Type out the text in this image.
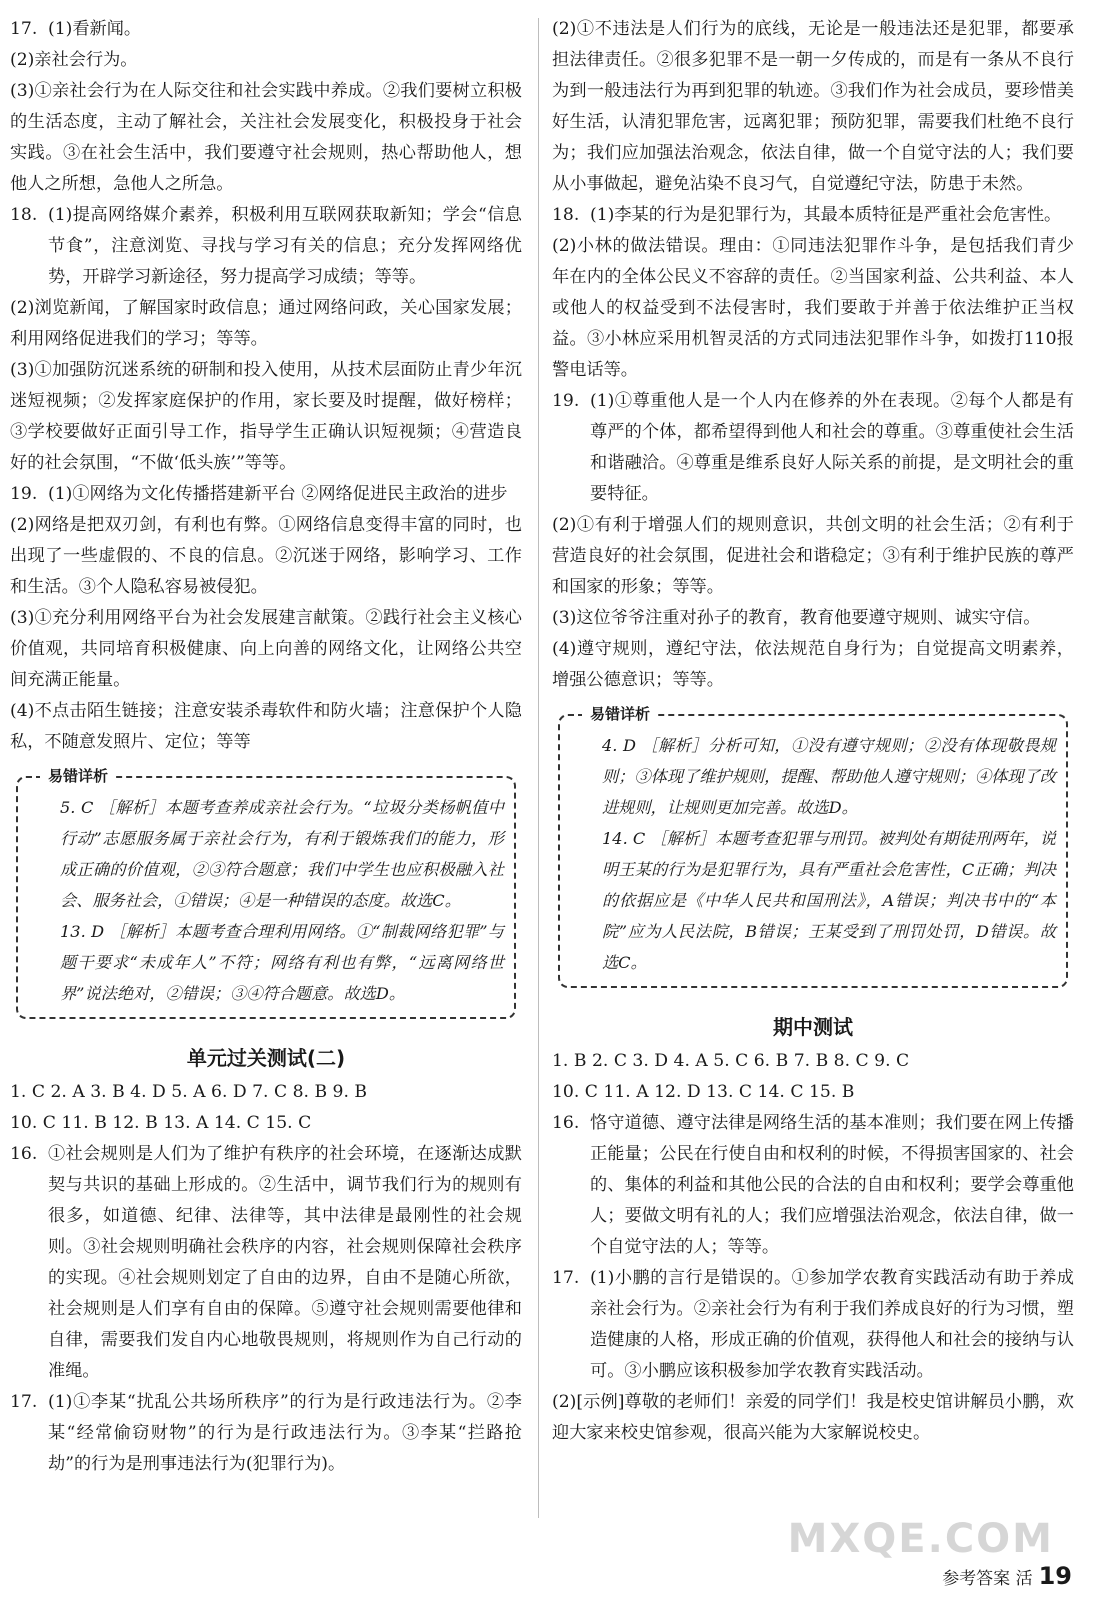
17. (1)看新闻。

(2)亲社会行为。

(3)①亲社会行为在人际交往和社会实践中养成。②我们要树立积极的生活态度，主动了解社会，关注社会发展变化，积极投身于社会实践。③在社会生活中，我们要遵守社会规则，热心帮助他人，想他人之所想，急他人之所急。

18. (1)提高网络媒介素养，积极利用互联网获取新知；学会“信息节食”，注意浏览、寻找与学习有关的信息；充分发挥网络优势，开辟学习新途径，努力提高学习成绩；等等。

(2)浏览新闻，了解国家时政信息；通过网络问政，关心国家发展；利用网络促进我们的学习；等等。

(3)①加强防沉迷系统的研制和投入使用，从技术层面防止青少年沉迷短视频；②发挥家庭保护的作用，家长要及时提醒，做好榜样；③学校要做好正面引导工作，指导学生正确认识短视频；④营造良好的社会氛围，“不做‘低头族’”等等。

19. (1)①网络为文化传播搭建新平台 ②网络促进民主政治的进步

(2)网络是把双刃剑，有利也有弊。①网络信息变得丰富的同时，也出现了一些虚假的、不良的信息。②沉迷于网络，影响学习、工作和生活。③个人隐私容易被侵犯。

(3)①充分利用网络平台为社会发展建言献策。②践行社会主义核心价值观，共同培育积极健康、向上向善的网络文化，让网络公共空间充满正能量。

(4)不点击陌生链接；注意安装杀毒软件和防火墙；注意保护个人隐私，不随意发照片、定位；等等

易错详析

5. C ［解析］本题考查养成亲社会行为。“垃圾分类杨帆值中行动”志愿服务属于亲社会行为，有利于锻炼我们的能力，形成正确的价值观，②③符合题意；我们中学生也应积极融入社会、服务社会，①错误；④是一种错误的态度。故选C。

13. D ［解析］本题考查合理利用网络。①“制裁网络犯罪”与题干要求“未成年人”不符；网络有利也有弊，“远离网络世界”说法绝对，②错误；③④符合题意。故选D。

单元过关测试(二)

1. C 2. A 3. B 4. D 5. A 6. D 7. C 8. B 9. B

10. C 11. B 12. B 13. A 14. C 15. C

16. ①社会规则是人们为了维护有秩序的社会环境，在逐渐达成默契与共识的基础上形成的。②生活中，调节我们行为的规则有很多，如道德、纪律、法律等，其中法律是最刚性的社会规则。③社会规则明确社会秩序的内容，社会规则保障社会秩序的实现。④社会规则划定了自由的边界，自由不是随心所欲，社会规则是人们享有自由的保障。⑤遵守社会规则需要他律和自律，需要我们发自内心地敬畏规则，将规则作为自己行动的准绳。
17. (1)①李某“扰乱公共场所秩序”的行为是行政违法行为。②李某“经常偷窃财物”的行为是行政违法行为。③李某“拦路抢劫”的行为是刑事违法行为(犯罪行为)。

(2)①不违法是人们行为的底线，无论是一般违法还是犯罪，都要承担法律责任。②很多犯罪不是一朝一夕传成的，而是有一条从不良行为到一般违法行为再到犯罪的轨迹。③我们作为社会成员，要珍惜美好生活，认清犯罪危害，远离犯罪；预防犯罪，需要我们杜绝不良行为；我们应加强法治观念，依法自律，做一个自觉守法的人；我们要从小事做起，避免沾染不良习气，自觉遵纪守法，防患于未然。

18. (1)李某的行为是犯罪行为，其最本质特征是严重社会危害性。

(2)小林的做法错误。理由：①同违法犯罪作斗争，是包括我们青少年在内的全体公民义不容辞的责任。②当国家利益、公共利益、本人或他人的权益受到不法侵害时，我们要敢于并善于依法维护正当权益。③小林应采用机智灵活的方式同违法犯罪作斗争，如拨打110报警电话等。

19. (1)①尊重他人是一个人内在修养的外在表现。②每个人都是有尊严的个体，都希望得到他人和社会的尊重。③尊重使社会生活和谐融洽。④尊重是维系良好人际关系的前提，是文明社会的重要特征。

(2)①有利于增强人们的规则意识，共创文明的社会生活；②有利于营造良好的社会氛围，促进社会和谐稳定；③有利于维护民族的尊严和国家的形象；等等。

(3)这位爷爷注重对孙子的教育，教育他要遵守规则、诚实守信。

(4)遵守规则，遵纪守法，依法规范自身行为；自觉提高文明素养，增强公德意识；等等。

易错详析

4. D ［解析］分析可知，①没有遵守规则；②没有体现敬畏规则；③体现了维护规则，提醒、帮助他人遵守规则；④体现了改进规则，让规则更加完善。故选D。

14. C ［解析］本题考查犯罪与刑罚。被判处有期徒刑两年，说明王某的行为是犯罪行为，具有严重社会危害性，C正确；判决的依据应是《中华人民共和国刑法》，A错误；判决书中的“本院”应为人民法院，B错误；王某受到了刑罚处罚，D错误。故选C。

期中测试

1. B 2. C 3. D 4. A 5. C 6. B 7. B 8. C 9. C

10. C 11. A 12. D 13. C 14. C 15. B

16. 恪守道德、遵守法律是网络生活的基本准则；我们要在网上传播正能量；公民在行使自由和权利的时候，不得损害国家的、社会的、集体的利益和其他公民的合法的自由和权利；要学会尊重他人；要做文明有礼的人；我们应增强法治观念，依法自律，做一个自觉守法的人；等等。
17. (1)小鹏的言行是错误的。①参加学农教育实践活动有助于养成亲社会行为。②亲社会行为有利于我们养成良好的行为习惯，塑造健康的人格，形成正确的价值观，获得他人和社会的接纳与认可。③小鹏应该积极参加学农教育实践活动。

(2)[示例]尊敬的老师们！亲爱的同学们！我是校史馆讲解员小鹏，欢迎大家来校史馆参观，很高兴能为大家解说校史。

MXQE.COM
参考答案 活 19
